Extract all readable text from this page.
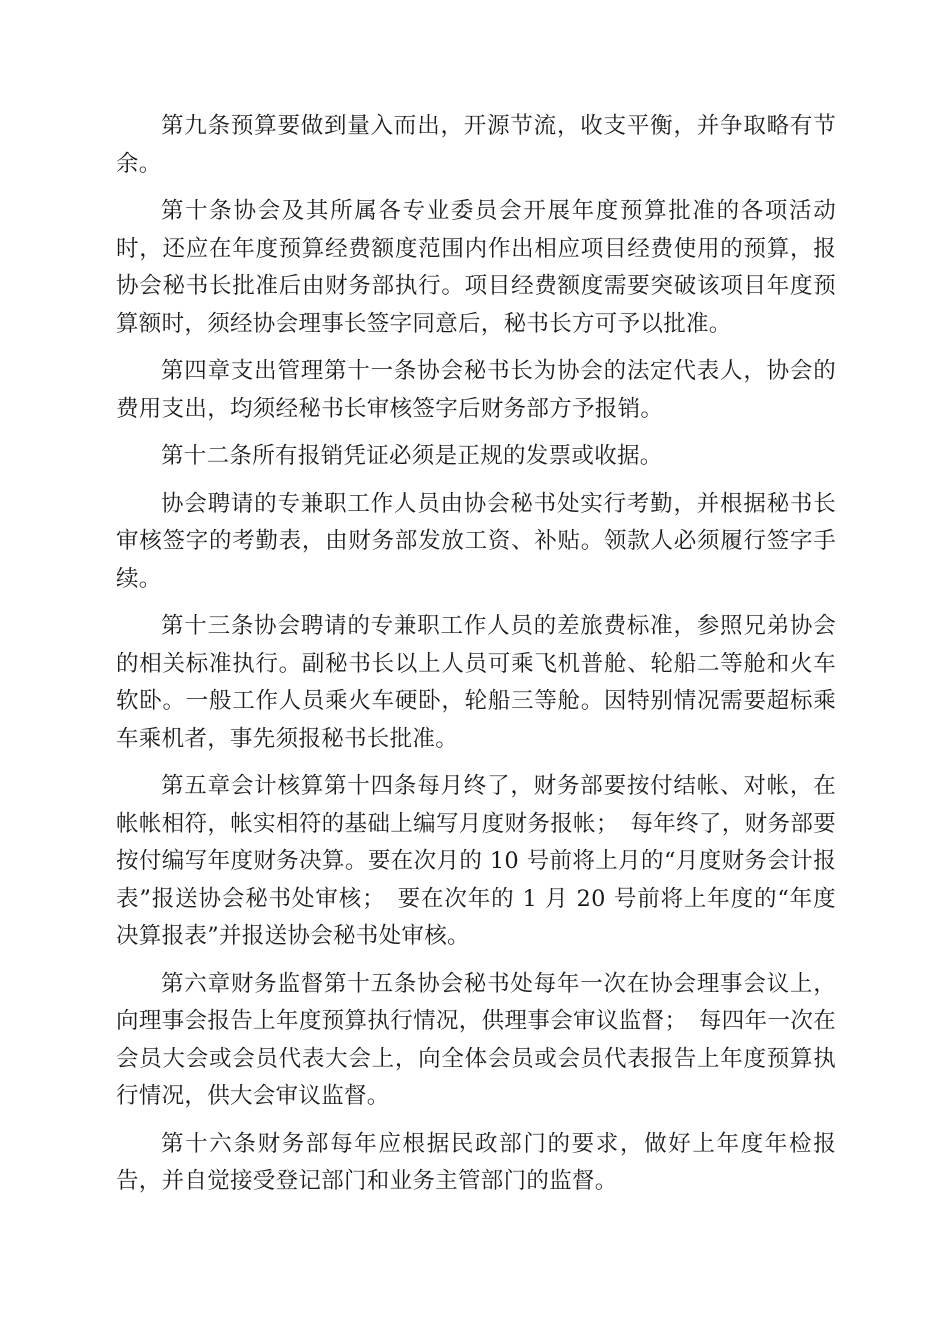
第九条预算要做到量入而出，开源节流，收支平衡，并争取略有节余。

第十条协会及其所属各专业委员会开展年度预算批准的各项活动时，还应在年度预算经费额度范围内作出相应项目经费使用的预算，报协会秘书长批准后由财务部执行。项目经费额度需要突破该项目年度预算额时，须经协会理事长签字同意后，秘书长方可予以批准。

第四章支出管理第十一条协会秘书长为协会的法定代表人，协会的费用支出，均须经秘书长审核签字后财务部方予报销。

第十二条所有报销凭证必须是正规的发票或收据。

协会聘请的专兼职工作人员由协会秘书处实行考勤，并根据秘书长审核签字的考勤表，由财务部发放工资、补贴。领款人必须履行签字手续。

第十三条协会聘请的专兼职工作人员的差旅费标准，参照兄弟协会的相关标准执行。副秘书长以上人员可乘飞机普舱、轮船二等舱和火车软卧。一般工作人员乘火车硬卧，轮船三等舱。因特别情况需要超标乘车乘机者，事先须报秘书长批准。

第五章会计核算第十四条每月终了，财务部要按付结帐、对帐，在帐帐相符，帐实相符的基础上编写月度财务报帐；　每年终了，财务部要按付编写年度财务决算。要在次月的 10 号前将上月的“月度财务会计报表”报送协会秘书处审核；　要在次年的 1 月 20 号前将上年度的“年度决算报表”并报送协会秘书处审核。

第六章财务监督第十五条协会秘书处每年一次在协会理事会议上，向理事会报告上年度预算执行情况，供理事会审议监督；　每四年一次在会员大会或会员代表大会上，向全体会员或会员代表报告上年度预算执行情况，供大会审议监督。

第十六条财务部每年应根据民政部门的要求，做好上年度年检报告，并自觉接受登记部门和业务主管部门的监督。
